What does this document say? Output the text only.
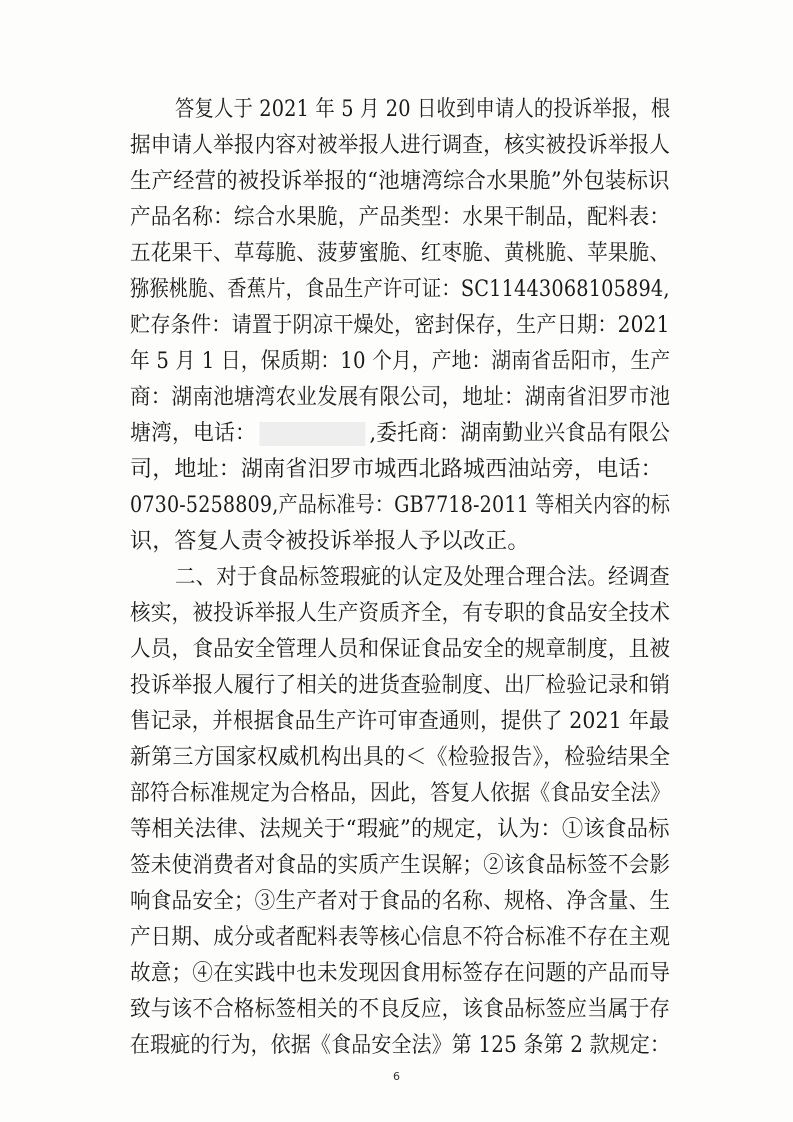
答复人于 2021 年 5 月 20 日收到申请人的投诉举报，根
据申请人举报内容对被举报人进行调查，核实被投诉举报人
生产经营的被投诉举报的“池塘湾综合水果脆”外包装标识
产品名称：综合水果脆，产品类型：水果干制品，配料表：
五花果干、草莓脆、菠萝蜜脆、红枣脆、黄桃脆、苹果脆、
猕猴桃脆、香蕉片，食品生产许可证：SC11443068105894,
贮存条件：请置于阴凉干燥处，密封保存，生产日期：2021
年 5 月 1 日，保质期：10 个月，产地：湖南省岳阳市，生产
商：湖南池塘湾农业发展有限公司，地址：湖南省汨罗市池
塘湾，电话：	,委托商：湖南勤业兴食品有限公
司，地址：湖南省汨罗市城西北路城西油站旁，电话：
0730-5258809,产品标准号：GB7718-2011 等相关内容的标
识，答复人责令被投诉举报人予以改正。
二、对于食品标签瑕疵的认定及处理合理合法。经调查
核实，被投诉举报人生产资质齐全，有专职的食品安全技术
人员，食品安全管理人员和保证食品安全的规章制度，且被
投诉举报人履行了相关的进货查验制度、出厂检验记录和销
售记录，并根据食品生产许可审查通则，提供了 2021 年最
新第三方国家权威机构出具的＜《检验报告》，检验结果全
部符合标准规定为合格品，因此，答复人依据《食品安全法》
等相关法律、法规关于“瑕疵”的规定，认为：①该食品标
签未使消费者对食品的实质产生误解；②该食品标签不会影
响食品安全；③生产者对于食品的名称、规格、净含量、生
产日期、成分或者配料表等核心信息不符合标准不存在主观
故意；④在实践中也未发现因食用标签存在问题的产品而导
致与该不合格标签相关的不良反应，该食品标签应当属于存
在瑕疵的行为，依据《食品安全法》第 125 条第 2 款规定：
6
